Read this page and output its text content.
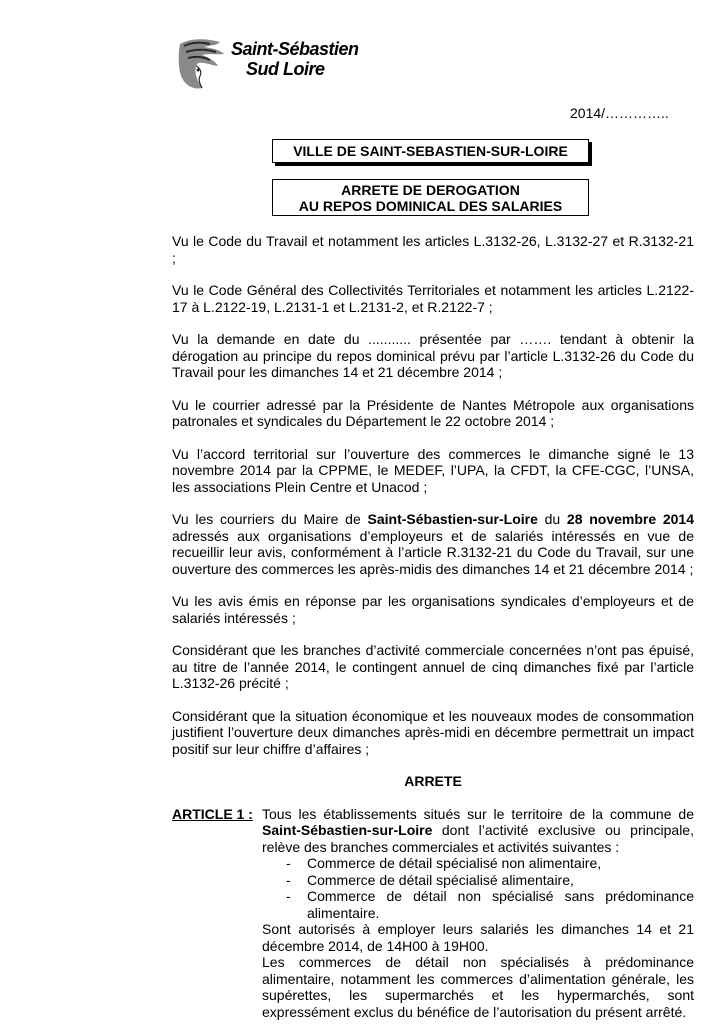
Saint-Sébastien
Sud Loire
2014/…………..
VILLE DE SAINT-SEBASTIEN-SUR-LOIRE
ARRETE DE DEROGATION
AU REPOS DOMINICAL DES SALARIES

Vu le Code du Travail et notamment les articles L.3132-26, L.3132-27 et R.3132-21 ;

Vu le Code Général des Collectivités Territoriales et notamment les articles L.2122-17 à L.2122-19, L.2131-1 et L.2131-2, et R.2122-7 ;

Vu la demande en date du ........... présentée par ……. tendant à obtenir la dérogation au principe du repos dominical prévu par l’article L.3132-26 du Code du Travail pour les dimanches 14 et 21 décembre 2014 ;

Vu le courrier adressé par la Présidente de Nantes Métropole aux organisations patronales et syndicales du Département le 22 octobre 2014 ;

Vu l’accord territorial sur l’ouverture des commerces le dimanche signé le 13 novembre 2014 par la CPPME, le MEDEF, l’UPA, la CFDT, la CFE-CGC, l’UNSA, les associations Plein Centre et Unacod ;

Vu les courriers du Maire de Saint-Sébastien-sur-Loire du 28 novembre 2014 adressés aux organisations d’employeurs et de salariés intéressés en vue de recueillir leur avis, conformément à l’article R.3132-21 du Code du Travail, sur une ouverture des commerces les après-midis des dimanches 14 et 21 décembre 2014 ;

Vu les avis émis en réponse par les organisations syndicales d’employeurs et de salariés intéressés ;

Considérant que les branches d’activité commerciale concernées n’ont pas épuisé, au titre de l’année 2014, le contingent annuel de cinq dimanches fixé par l’article L.3132-26 précité ;

Considérant que la situation économique et les nouveaux modes de consommation justifient l’ouverture deux dimanches après-midi en décembre permettrait un impact positif sur leur chiffre d’affaires ;

ARRETE
ARTICLE 1 : Tous les établissements situés sur le territoire de la commune de Saint-Sébastien-sur-Loire dont l’activité exclusive ou principale, relève des branches commerciales et activités suivantes :

- Commerce de détail spécialisé non alimentaire,
- Commerce de détail spécialisé alimentaire,
- Commerce de détail non spécialisé sans prédominance alimentaire.

Sont autorisés à employer leurs salariés les dimanches 14 et 21 décembre 2014, de 14H00 à 19H00.

Les commerces de détail non spécialisés à prédominance alimentaire, notamment les commerces d’alimentation générale, les supérettes, les supermarchés et les hypermarchés, sont expressément exclus du bénéfice de l’autorisation du présent arrêté.
